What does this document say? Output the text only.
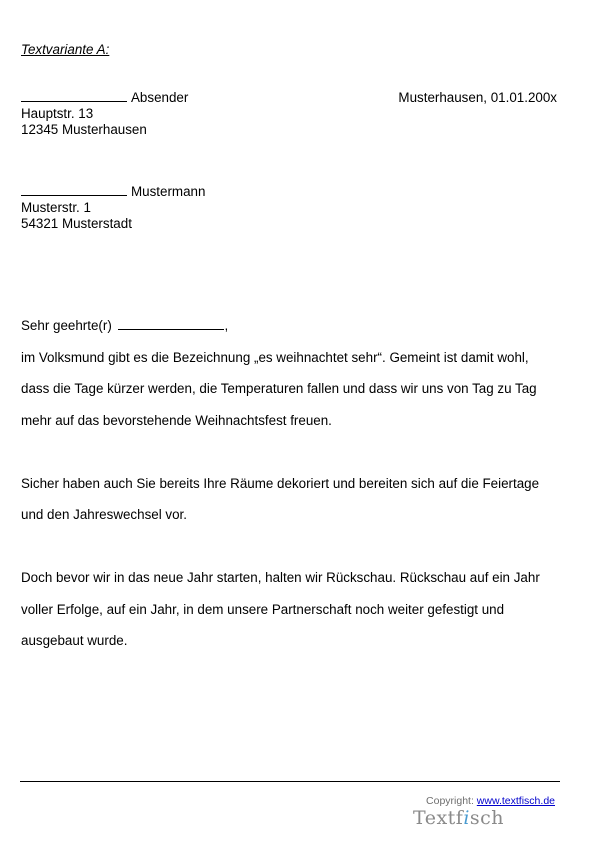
Textvariante A:
Absender
Hauptstr. 13
12345 Musterhausen
Musterhausen, 01.01.200x
Mustermann
Musterstr. 1
54321 Musterstadt
Sehr geehrte(r)	,
im Volksmund gibt es die Bezeichnung „es weihnachtet sehr“. Gemeint ist damit wohl,
dass die Tage kürzer werden, die Temperaturen fallen und dass wir uns von Tag zu Tag
mehr auf das bevorstehende Weihnachtsfest freuen.
Sicher haben auch Sie bereits Ihre Räume dekoriert und bereiten sich auf die Feiertage
und den Jahreswechsel vor.
Doch bevor wir in das neue Jahr starten, halten wir Rückschau. Rückschau auf ein Jahr
voller Erfolge, auf ein Jahr, in dem unsere Partnerschaft noch weiter gefestigt und
ausgebaut wurde.
Copyright: www.textfisch.de
Textfisch
